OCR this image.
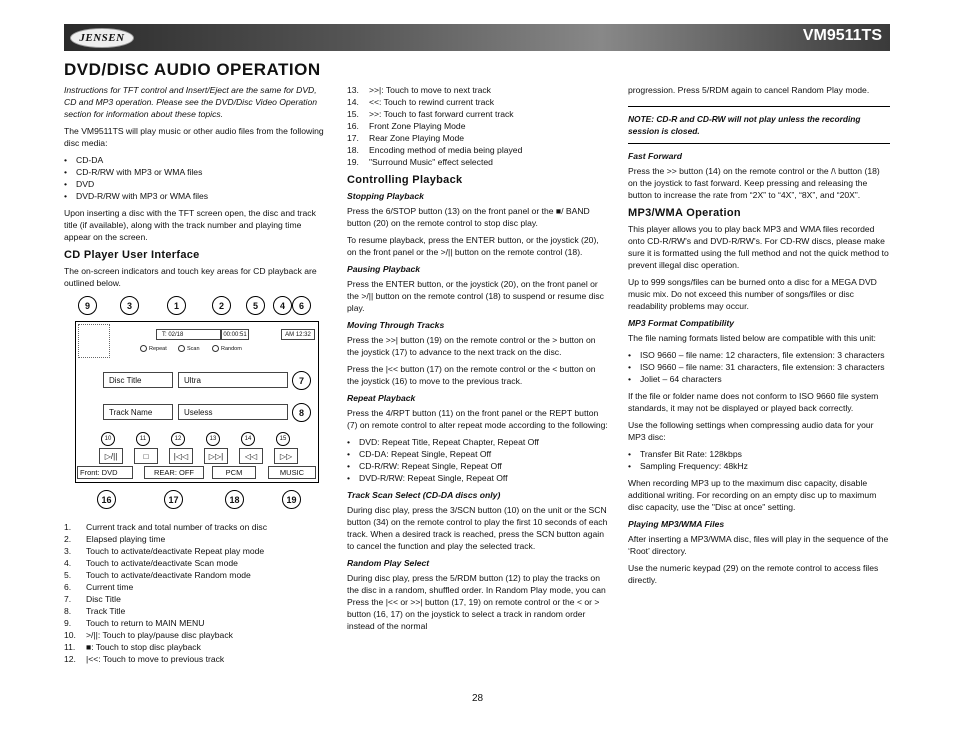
JENSEN	VM9511TS
DVD/DISC AUDIO OPERATION

Instructions for TFT control and Insert/Eject are the same for DVD, CD and MP3 operation. Please see the DVD/Disc Video Operation section for information about these topics.

The VM9511TS will play music or other audio files from the following disc media:

• CD-DA
• CD-R/RW with MP3 or WMA files
• DVD
• DVD-R/RW with MP3 or WMA files

Upon inserting a disc with the TFT screen open, the disc and track title (if available), along with the track number and playing time appear on the screen.

CD Player User Interface

The on-screen indicators and touch key areas for CD playback are outlined below.

9	3	1	2	5	4	6
T: 02/18	00:00:51	AM 12:32
Repeat	Scan	Random
Disc Title	Ultra
Track Name	Useless
▷/||	□	|◁◁	▷▷|	◁◁	▷▷
Front: DVD	REAR: OFF	PCM	MUSIC
7
8
10	11	12	13	14	15
16	17	18	19
1. Current track and total number of tracks on disc
2. Elapsed playing time
3. Touch to activate/deactivate Repeat play mode
4. Touch to activate/deactivate Scan mode
5. Touch to activate/deactivate Random mode
6. Current time
7. Disc Title
8. Track Title
9. Touch to return to MAIN MENU
10. >/||: Touch to play/pause disc playback
11. ■: Touch to stop disc playback
12. |<<: Touch to move to previous track
13. >>|: Touch to move to next track
14. <<: Touch to rewind current track
15. >>: Touch to fast forward current track
16. Front Zone Playing Mode
17. Rear Zone Playing Mode
18. Encoding method of media being played
19. "Surround Music" effect selected
Controlling Playback
Stopping Playback

Press the 6/STOP button (13) on the front panel or the ■/ BAND button (20) on the remote control to stop disc play.

To resume playback, press the ENTER button, or the joystick (20), on the front panel or the >/|| button on the remote control (18).

Pausing Playback

Press the ENTER button, or the joystick (20), on the front panel or the >/|| button on the remote control (18) to suspend or resume disc play.

Moving Through Tracks

Press the >>| button (19) on the remote control or the > button on the joystick (17) to advance to the next track on the disc.

Press the |<< button (17) on the remote control or the < button on the joystick (16) to move to the previous track.

Repeat Playback

Press the 4/RPT button (11) on the front panel or the REPT button (7) on remote control to alter repeat mode according to the following:

• DVD: Repeat Title, Repeat Chapter, Repeat Off
• CD-DA: Repeat Single, Repeat Off
• CD-R/RW: Repeat Single, Repeat Off
• DVD-R/RW: Repeat Single, Repeat Off
Track Scan Select (CD-DA discs only)

During disc play, press the 3/SCN button (10) on the unit or the SCN button (34) on the remote control to play the first 10 seconds of each track. When a desired track is reached, press the SCN button again to cancel the function and play the selected track.

Random Play Select

During disc play, press the 5/RDM button (12) to play the tracks on the disc in a random, shuffled order. In Random Play mode, you can Press the |<< or >>| button (17, 19) on remote control or the < or > button (16, 17) on the joystick to select a track in random order instead of the normal

progression. Press 5/RDM again to cancel Random Play mode.

NOTE: CD-R and CD-RW will not play unless the recording session is closed.
Fast Forward

Press the >> button (14) on the remote control or the /\ button (18) on the joystick to fast forward. Keep pressing and releasing the button to increase the rate from “2X” to “4X”, “8X”, and “20X”.

MP3/WMA Operation

This player allows you to play back MP3 and WMA files recorded onto CD-R/RW's and DVD-R/RW's. For CD-RW discs, please make sure it is formatted using the full method and not the quick method to prevent illegal disc operation.

Up to 999 songs/files can be burned onto a disc for a MEGA DVD music mix. Do not exceed this number of songs/files or disc readability problems may occur.

MP3 Format Compatibility

The file naming formats listed below are compatible with this unit:

• ISO 9660 – file name: 12 characters, file extension: 3 characters
• ISO 9660 – file name: 31 characters, file extension: 3 characters
• Joliet – 64 characters

If the file or folder name does not conform to ISO 9660 file system standards, it may not be displayed or played back correctly.

Use the following settings when compressing audio data for your MP3 disc:

• Transfer Bit Rate: 128kbps
• Sampling Frequency: 48kHz

When recording MP3 up to the maximum disc capacity, disable additional writing. For recording on an empty disc up to maximum disc capacity, use the "Disc at once" setting.

Playing MP3/WMA Files

After inserting a MP3/WMA disc, files will play in the sequence of the ‘Root’ directory.

Use the numeric keypad (29) on the remote control to access files directly.

28
